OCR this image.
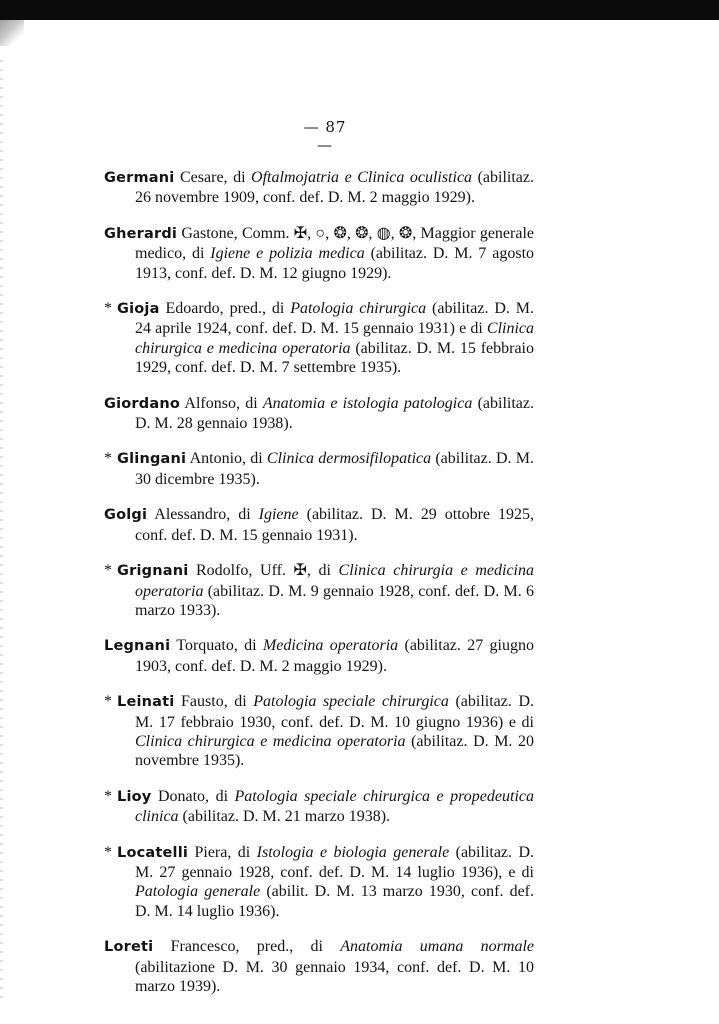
— 87 —

Germani Cesare, di Oftalmojatria e Clinica oculistica (abilitaz. 26 novembre 1909, conf. def. D. M. 2 maggio 1929).

Gherardi Gastone, Comm. ✠, ○, ❂, ❂, ◍, ❂, Maggior generale medico, di Igiene e polizia medica (abilitaz. D. M. 7 agosto 1913, conf. def. D. M. 12 giugno 1929).

* Gioja Edoardo, pred., di Patologia chirurgica (abilitaz. D. M. 24 aprile 1924, conf. def. D. M. 15 gennaio 1931) e di Clinica chirurgica e medicina operatoria (abilitaz. D. M. 15 febbraio 1929, conf. def. D. M. 7 settembre 1935).

Giordano Alfonso, di Anatomia e istologia patologica (abilitaz. D. M. 28 gennaio 1938).

* Glingani Antonio, di Clinica dermosifilopatica (abilitaz. D. M. 30 dicembre 1935).

Golgi Alessandro, di Igiene (abilitaz. D. M. 29 ottobre 1925, conf. def. D. M. 15 gennaio 1931).

* Grignani Rodolfo, Uff. ✠, di Clinica chirurgia e medicina operatoria (abilitaz. D. M. 9 gennaio 1928, conf. def. D. M. 6 marzo 1933).

Legnani Torquato, di Medicina operatoria (abilitaz. 27 giugno 1903, conf. def. D. M. 2 maggio 1929).

* Leinati Fausto, di Patologia speciale chirurgica (abilitaz. D. M. 17 febbraio 1930, conf. def. D. M. 10 giugno 1936) e di Clinica chirurgica e medicina operatoria (abilitaz. D. M. 20 novembre 1935).

* Lioy Donato, di Patologia speciale chirurgica e propedeutica clinica (abilitaz. D. M. 21 marzo 1938).

* Locatelli Piera, di Istologia e biologia generale (abilitaz. D. M. 27 gennaio 1928, conf. def. D. M. 14 luglio 1936), e di Patologia generale (abilit. D. M. 13 marzo 1930, conf. def. D. M. 14 luglio 1936).

Loreti Francesco, pred., di Anatomia umana normale (abilitazione D. M. 30 gennaio 1934, conf. def. D. M. 10 marzo 1939).
